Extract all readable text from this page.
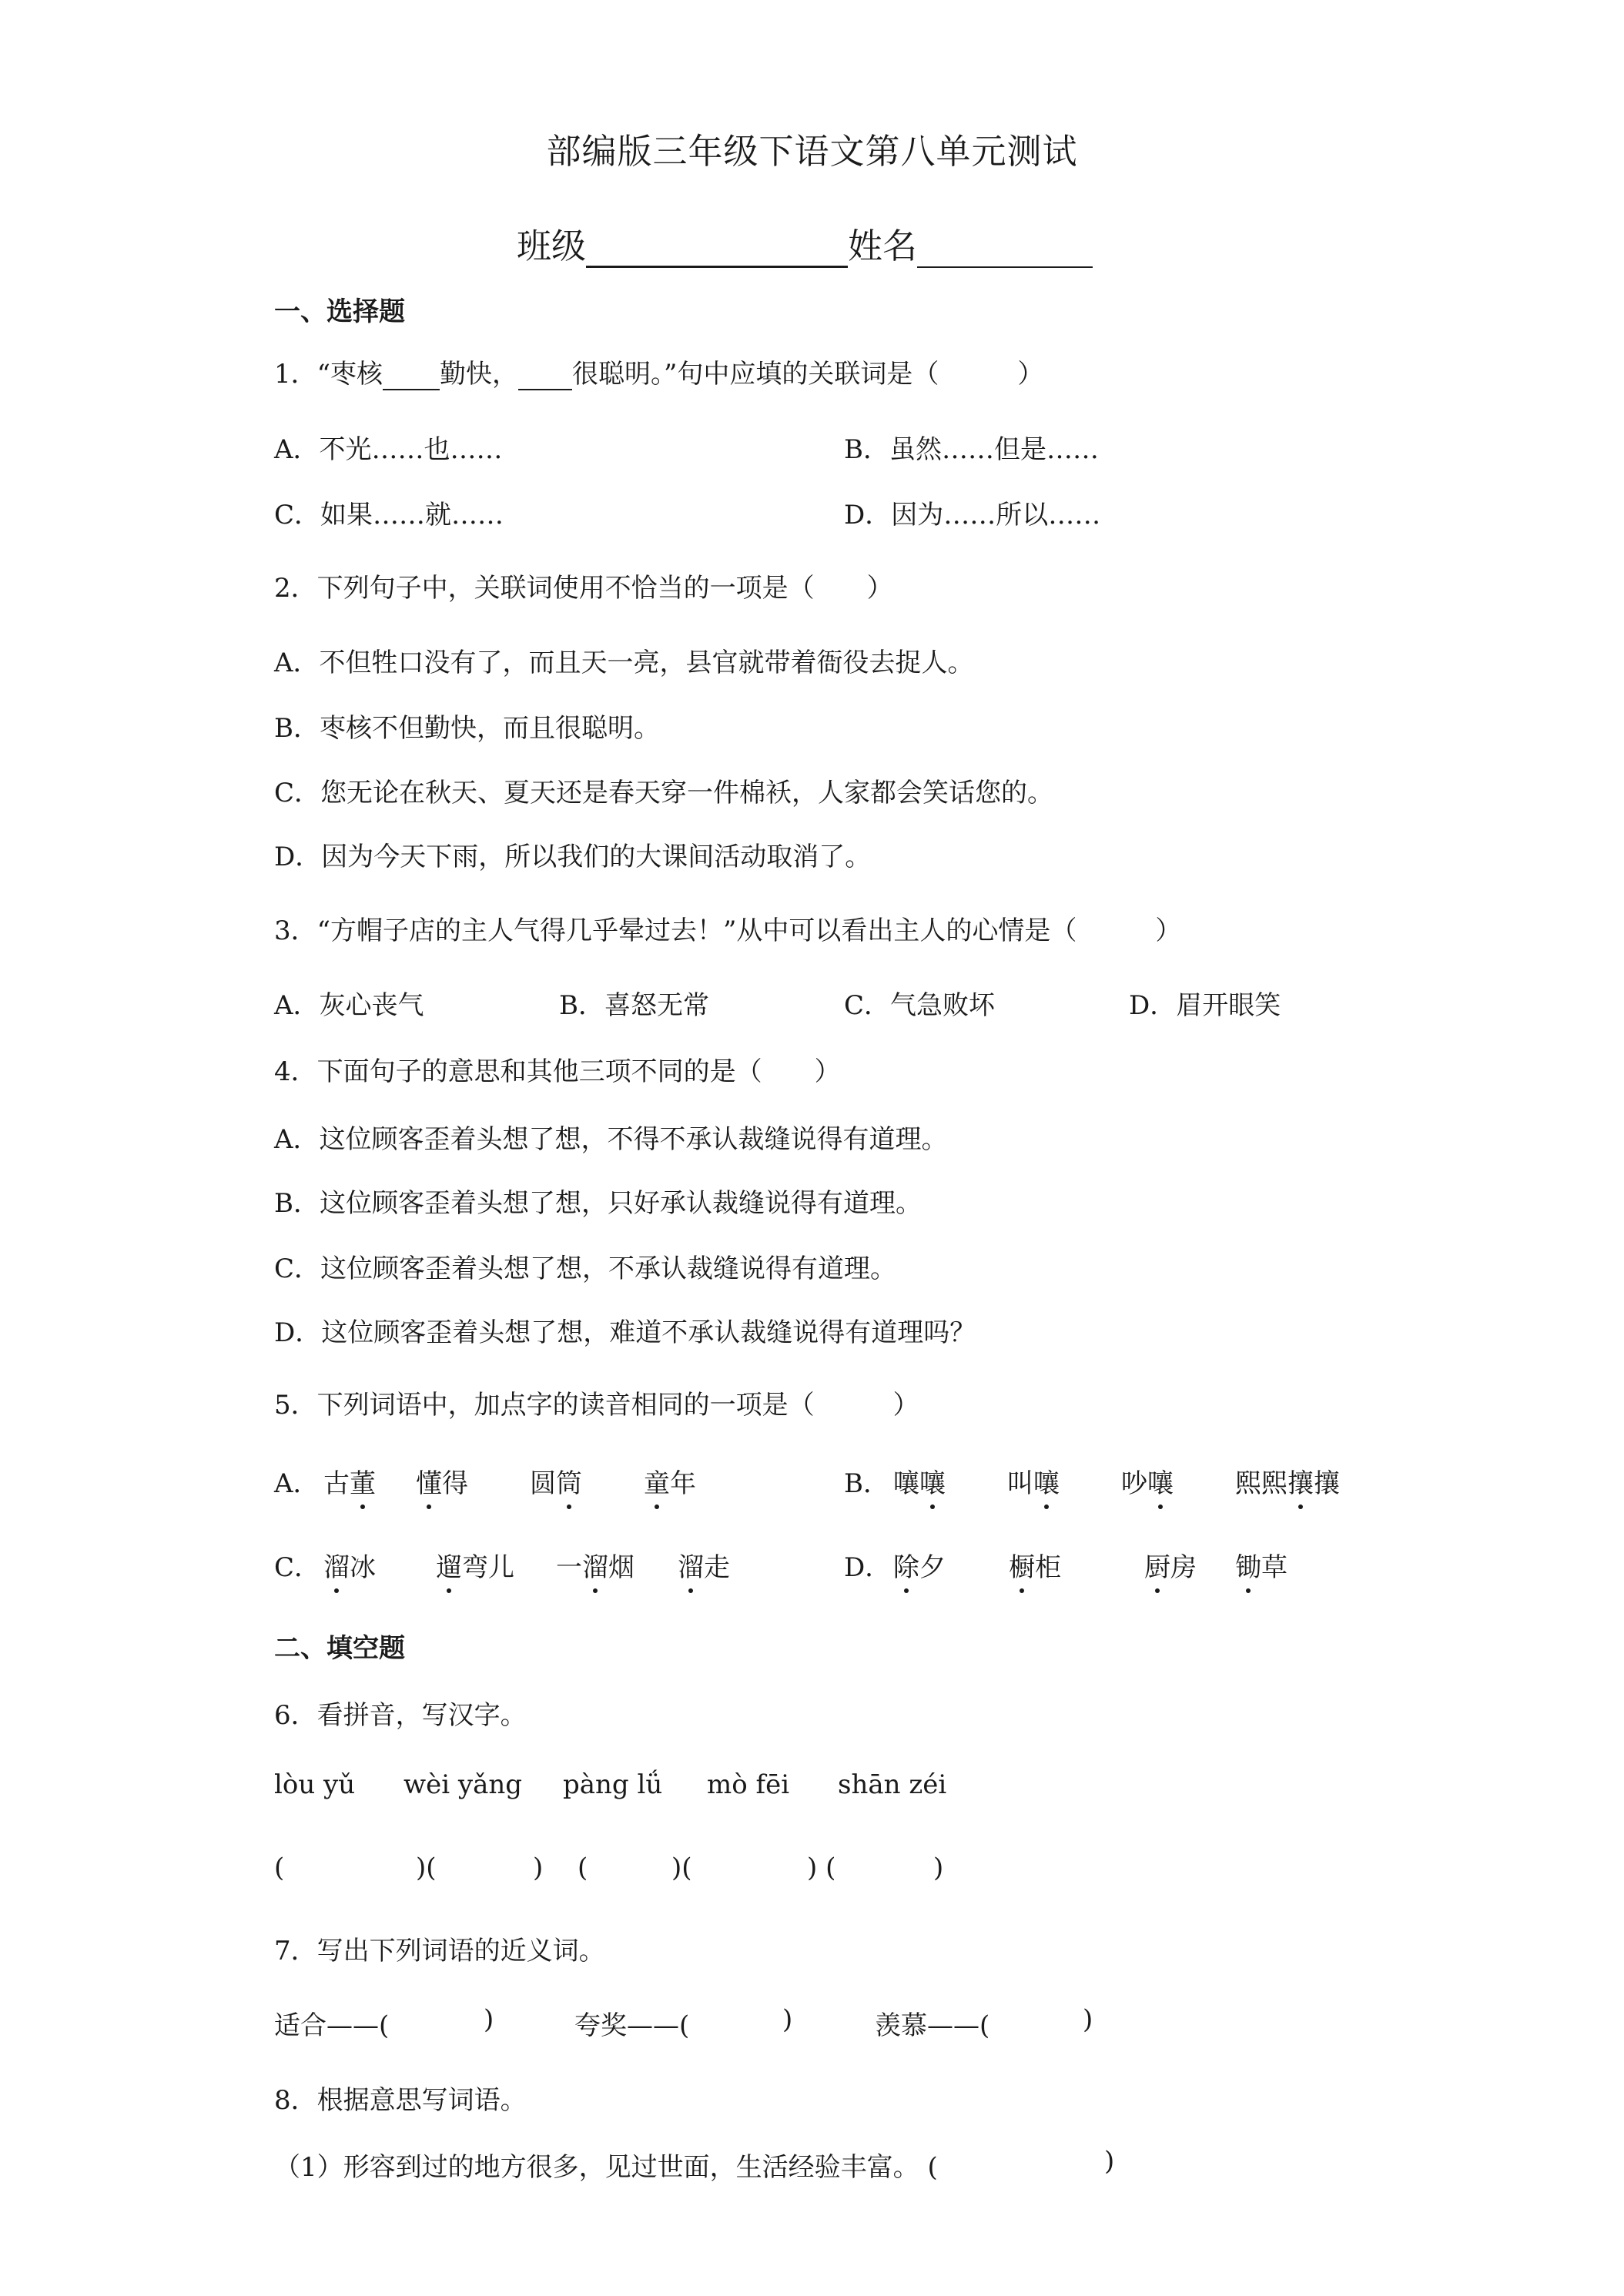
部编版三年级下语文第八单元测试
班级	姓名
一、选择题
1．“枣核 勤快， 很聪明。”句中应填的关联词是（　　　）
A．不光……也……	B．虽然……但是……
C．如果……就……	D．因为……所以……
2．下列句子中，关联词使用不恰当的一项是（　　）
A．不但牲口没有了，而且天一亮，县官就带着衙役去捉人。
B．枣核不但勤快，而且很聪明。
C．您无论在秋天、夏天还是春天穿一件棉袄，人家都会笑话您的。
D．因为今天下雨，所以我们的大课间活动取消了。
3．“方帽子店的主人气得几乎晕过去！”从中可以看出主人的心情是（　　　）
A．灰心丧气	B．喜怒无常	C．气急败坏	D．眉开眼笑
4．下面句子的意思和其他三项不同的是（　　）
A．这位顾客歪着头想了想，不得不承认裁缝说得有道理。
B．这位顾客歪着头想了想，只好承认裁缝说得有道理。
C．这位顾客歪着头想了想，不承认裁缝说得有道理。
D．这位顾客歪着头想了想，难道不承认裁缝说得有道理吗？
5．下列词语中，加点字的读音相同的一项是（　　　）
A． 古董 懂得 圆筒 童年	B． 嚷嚷 叫嚷 吵嚷 熙熙攘攘
C． 溜冰 遛弯儿 一溜烟 溜走	D． 除夕 橱柜	厨房 锄草
二、填空题
6．看拼音，写汉字。
lòu yǔ wèi yǎng pàng lǘ mò fēi shān zéi
(	)(	) (	)(	) (	)
7．写出下列词语的近义词。
适合——(	)	夸奖——(	)	羡慕——(	)
8．根据意思写词语。
（1）形容到过的地方很多，见过世面，生活经验丰富。 (	)
